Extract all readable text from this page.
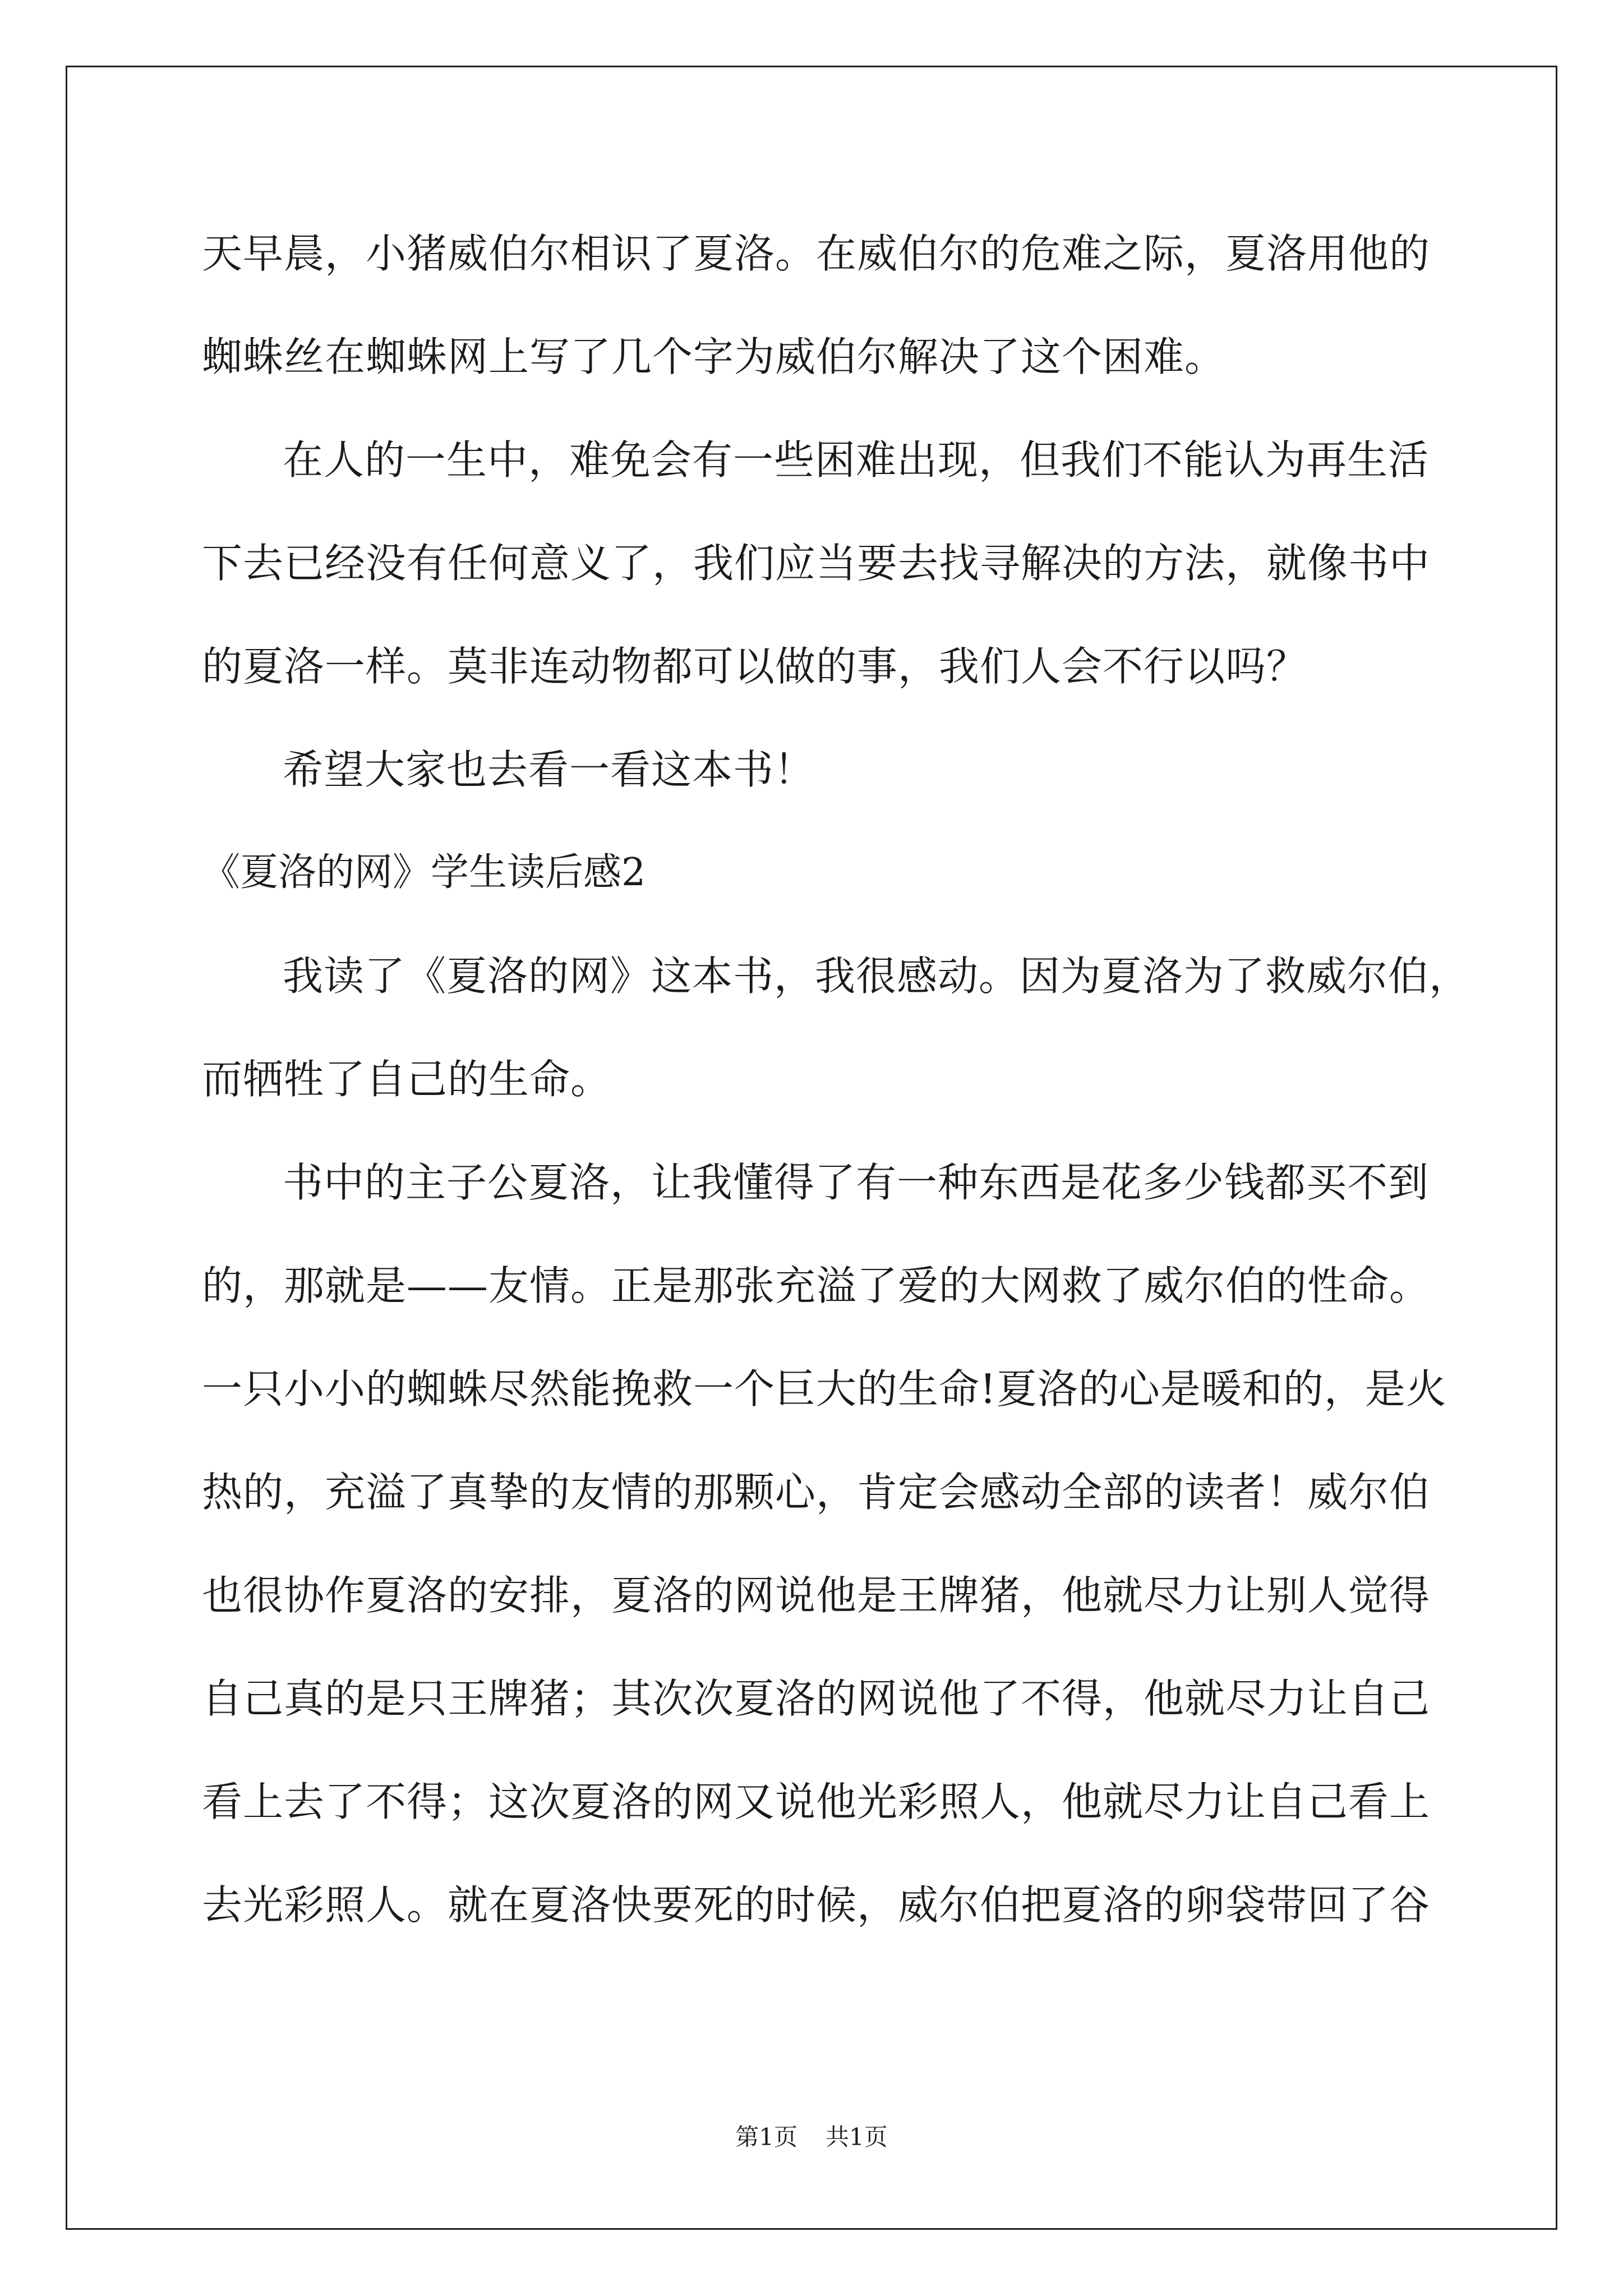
天早晨，小猪威伯尔相识了夏洛。在威伯尔的危难之际，夏洛用他的
蜘蛛丝在蜘蛛网上写了几个字为威伯尔解决了这个困难。
在人的一生中，难免会有一些困难出现，但我们不能认为再生活
下去已经没有任何意义了，我们应当要去找寻解决的方法，就像书中
的夏洛一样。莫非连动物都可以做的事，我们人会不行以吗？
希望大家也去看一看这本书！
《夏洛的网》学生读后感2
我读了《夏洛的网》这本书，我很感动。因为夏洛为了救威尔伯，
而牺牲了自己的生命。
书中的主子公夏洛，让我懂得了有一种东西是花多少钱都买不到
的，那就是——友情。正是那张充溢了爱的大网救了威尔伯的性命。
一只小小的蜘蛛尽然能挽救一个巨大的生命!夏洛的心是暖和的，是火
热的，充溢了真挚的友情的那颗心，肯定会感动全部的读者！威尔伯
也很协作夏洛的安排，夏洛的网说他是王牌猪，他就尽力让别人觉得
自己真的是只王牌猪；其次次夏洛的网说他了不得，他就尽力让自己
看上去了不得；这次夏洛的网又说他光彩照人，他就尽力让自己看上
去光彩照人。就在夏洛快要死的时候，威尔伯把夏洛的卵袋带回了谷
第1页 共1页
